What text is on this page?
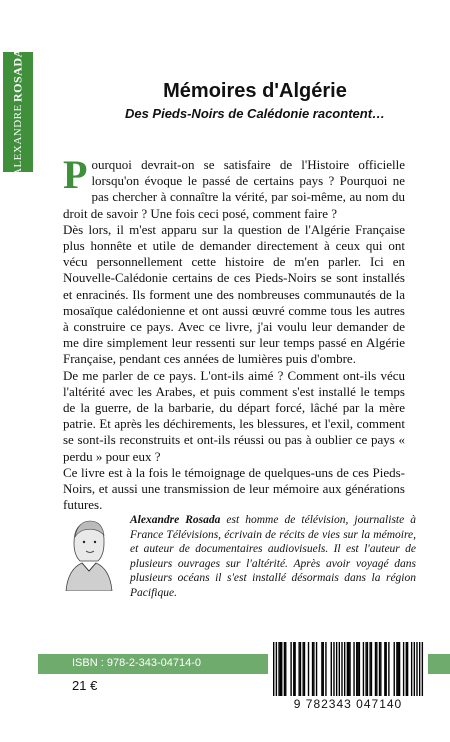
ALEXANDRE
ROSADA	Mémoires d'Algérie
Des Pieds-Noirs de Calédonie racontent…

Pourquoi devrait-on se satisfaire de l'Histoire officielle lorsqu'on évoque le passé de certains pays ? Pourquoi ne pas chercher à connaître la vérité, par soi-même, au nom du droit de savoir ? Une fois ceci posé, comment faire ?

Dès lors, il m'est apparu sur la question de l'Algérie Française plus honnête et utile de demander directement à ceux qui ont vécu personnellement cette histoire de m'en parler. Ici en Nouvelle-Calédonie certains de ces Pieds-Noirs se sont installés et enracinés. Ils forment une des nombreuses communautés de la mosaïque calédonienne et ont aussi œuvré comme tous les autres à construire ce pays. Avec ce livre, j'ai voulu leur demander de me dire simplement leur ressenti sur leur temps passé en Algérie Française, pendant ces années de lumières puis d'ombre.

De me parler de ce pays. L'ont-ils aimé ? Comment ont-ils vécu l'altérité avec les Arabes, et puis comment s'est installé le temps de la guerre, de la barbarie, du départ forcé, lâché par la mère patrie. Et après les déchirements, les blessures, et l'exil, comment se sont-ils reconstruits et ont-ils réussi ou pas à oublier ce pays « perdu » pour eux ?

Ce livre est à la fois le témoignage de quelques-uns de ces Pieds-Noirs, et aussi une transmission de leur mémoire aux générations futures.

Alexandre Rosada est homme de télévision, journaliste à France Télévisions, écrivain de récits de vies sur la mémoire, et auteur de documentaires audiovisuels. Il est l'auteur de plusieurs ouvrages sur l'altérité. Après avoir voyagé dans plusieurs océans il s'est installé désormais dans la région Pacifique.
ISBN : 978-2-343-04714-0
21 €
9 782343 047140
